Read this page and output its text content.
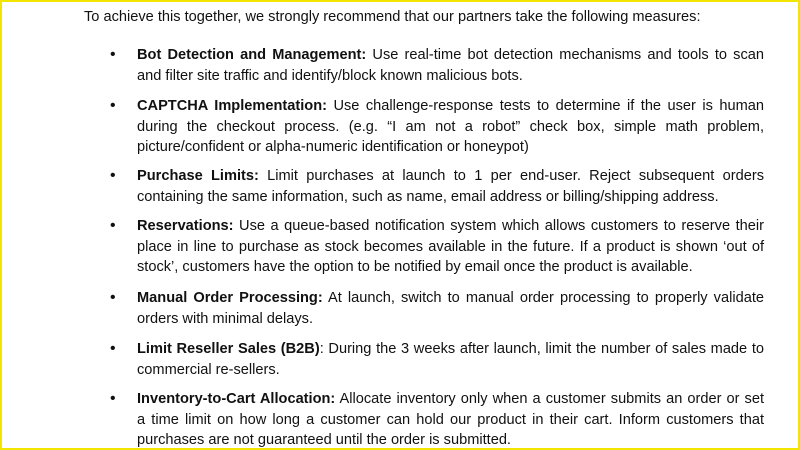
To achieve this together, we strongly recommend that our partners take the following measures:

• Bot Detection and Management: Use real-time bot detection mechanisms and tools to scan and filter site traffic and identify/block known malicious bots.

• CAPTCHA Implementation: Use challenge-response tests to determine if the user is human during the checkout process. (e.g. “I am not a robot” check box, simple math problem, picture/confident or alpha-numeric identification or honeypot)

• Purchase Limits: Limit purchases at launch to 1 per end-user. Reject subsequent orders containing the same information, such as name, email address or billing/shipping address.

• Reservations: Use a queue-based notification system which allows customers to reserve their place in line to purchase as stock becomes available in the future. If a product is shown ‘out of stock’, customers have the option to be notified by email once the product is available.

• Manual Order Processing: At launch, switch to manual order processing to properly validate orders with minimal delays.

• Limit Reseller Sales (B2B): During the 3 weeks after launch, limit the number of sales made to commercial re-sellers.

• Inventory-to-Cart Allocation: Allocate inventory only when a customer submits an order or set a time limit on how long a customer can hold our product in their cart. Inform customers that purchases are not guaranteed until the order is submitted.
